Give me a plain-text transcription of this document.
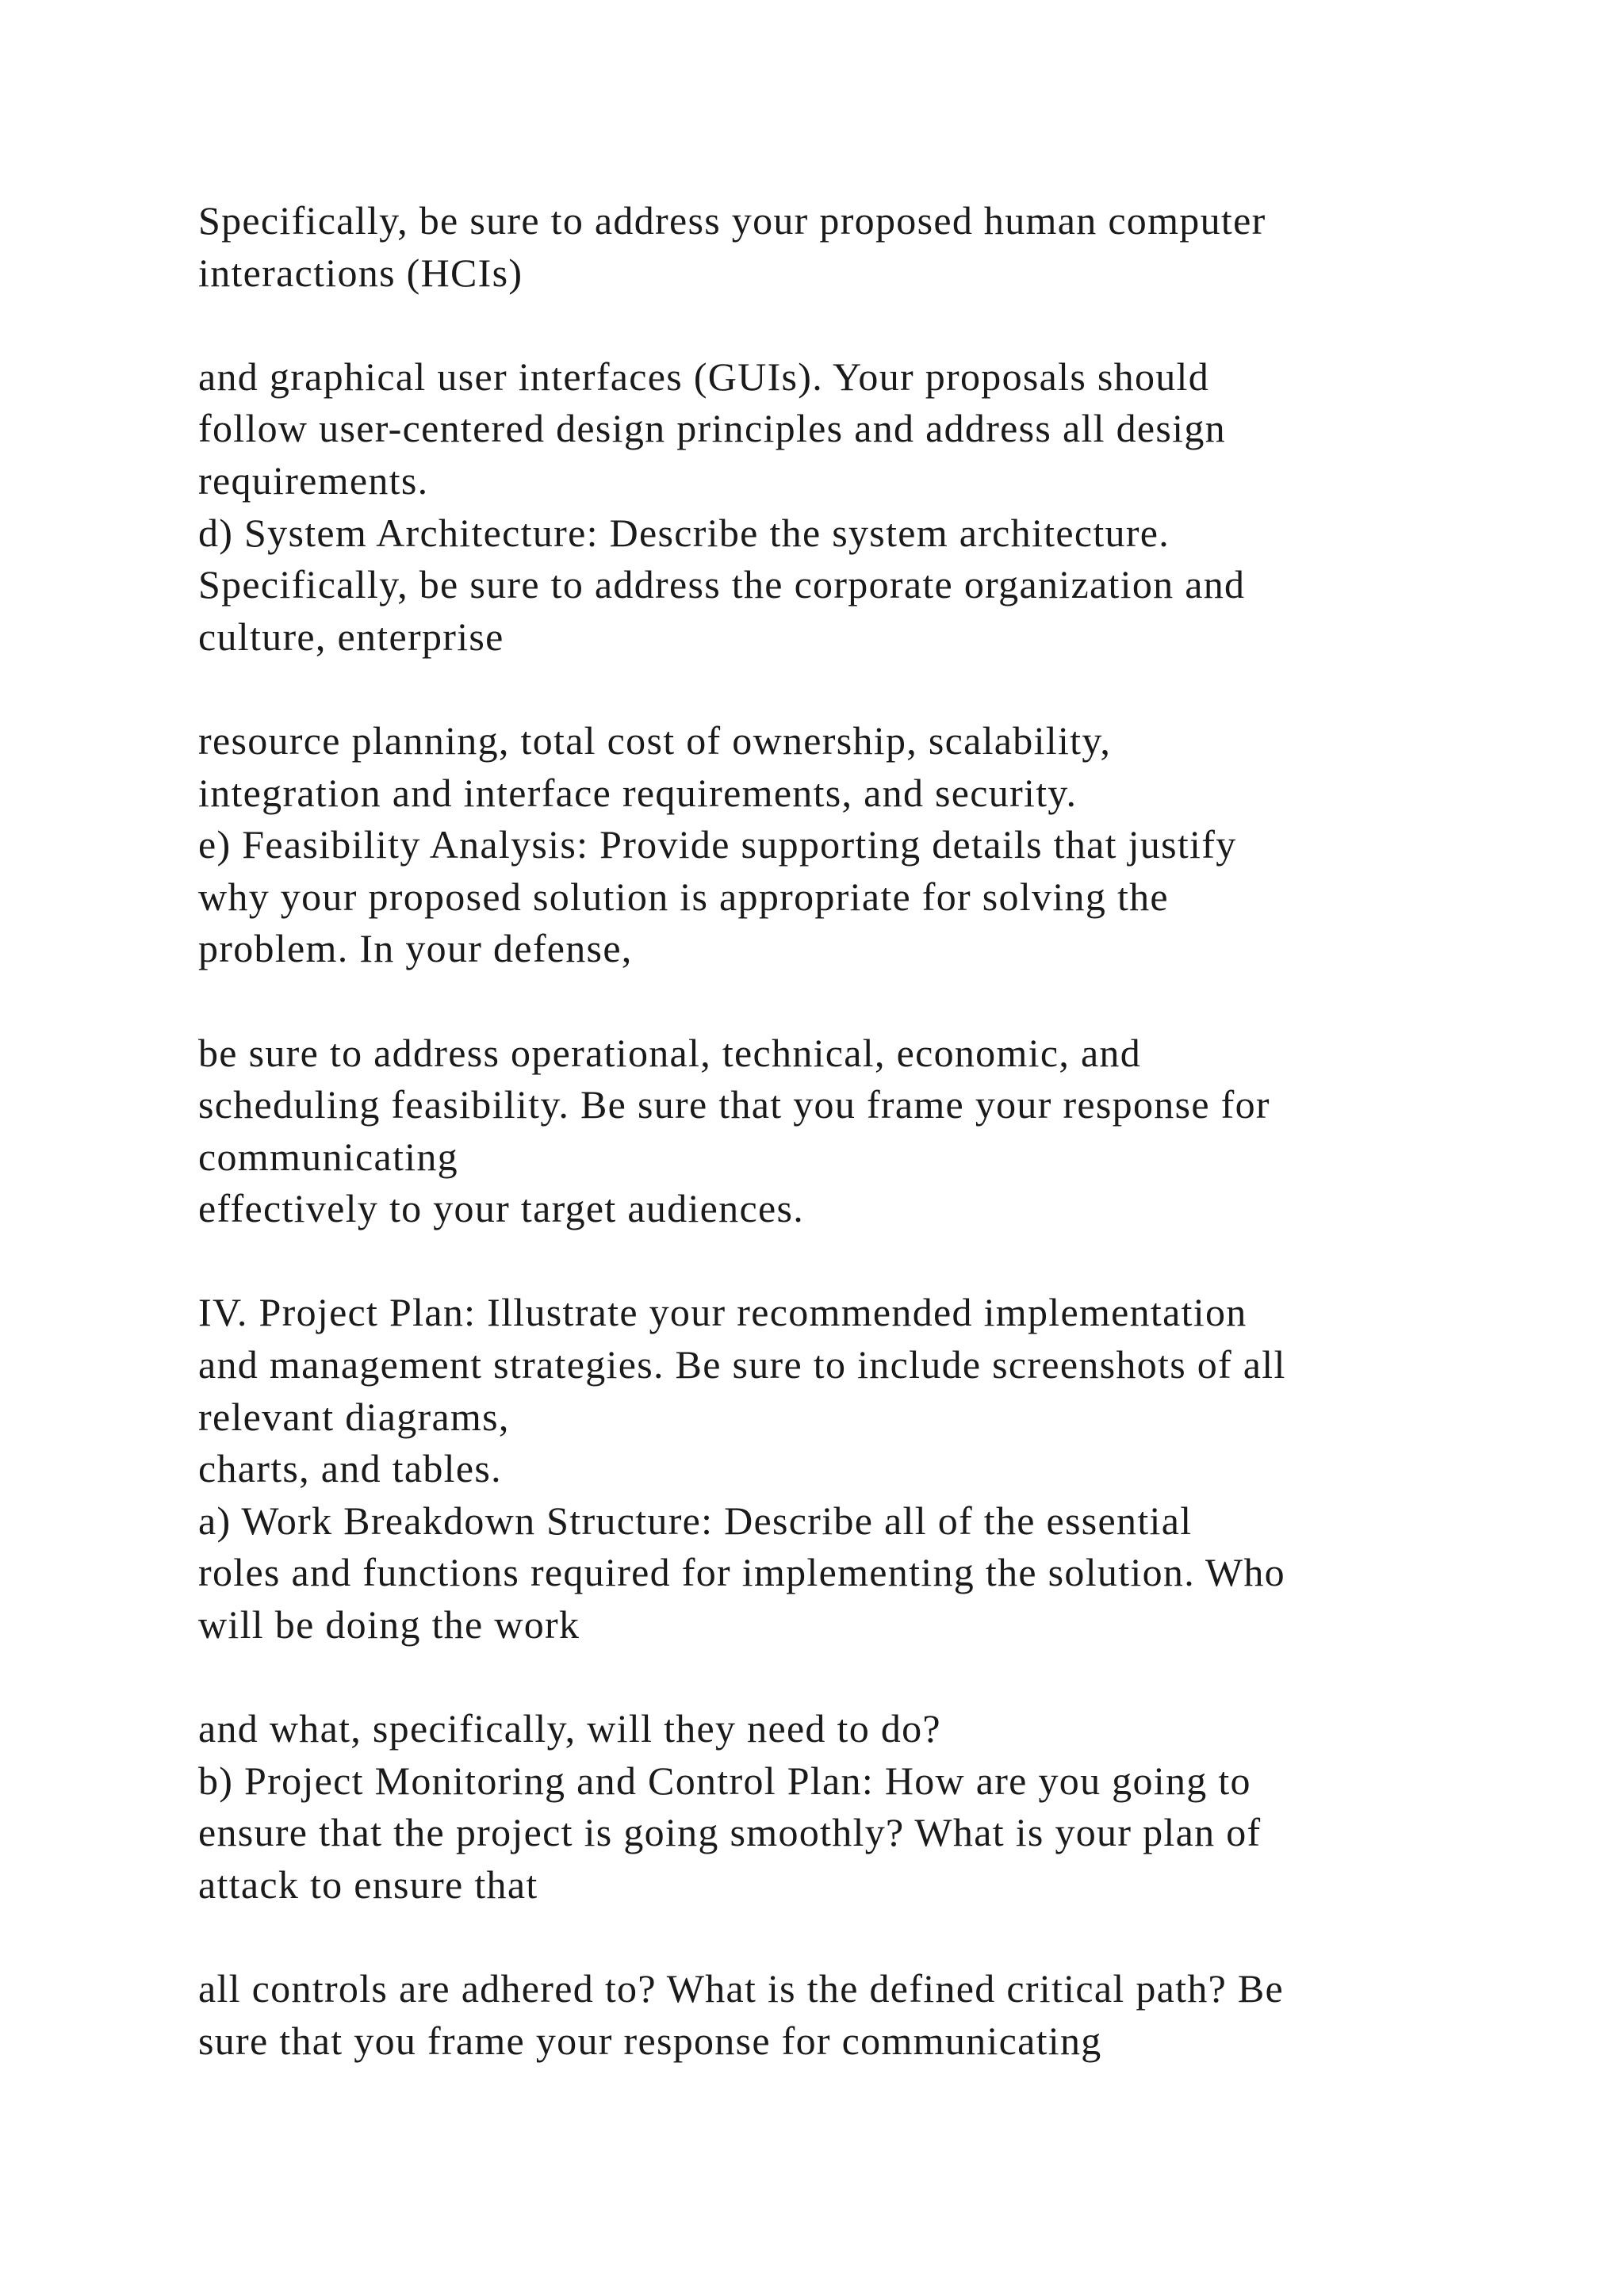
Specifically, be sure to address your proposed human computer
interactions (HCIs)
and graphical user interfaces (GUIs). Your proposals should
follow user-centered design principles and address all design
requirements.
d) System Architecture: Describe the system architecture.
Specifically, be sure to address the corporate organization and
culture, enterprise
resource planning, total cost of ownership, scalability,
integration and interface requirements, and security.
e) Feasibility Analysis: Provide supporting details that justify
why your proposed solution is appropriate for solving the
problem. In your defense,
be sure to address operational, technical, economic, and
scheduling feasibility. Be sure that you frame your response for
communicating
effectively to your target audiences.
IV. Project Plan: Illustrate your recommended implementation
and management strategies. Be sure to include screenshots of all
relevant diagrams,
charts, and tables.
a) Work Breakdown Structure: Describe all of the essential
roles and functions required for implementing the solution. Who
will be doing the work
and what, specifically, will they need to do?
b) Project Monitoring and Control Plan: How are you going to
ensure that the project is going smoothly? What is your plan of
attack to ensure that
all controls are adhered to? What is the defined critical path? Be
sure that you frame your response for communicating
